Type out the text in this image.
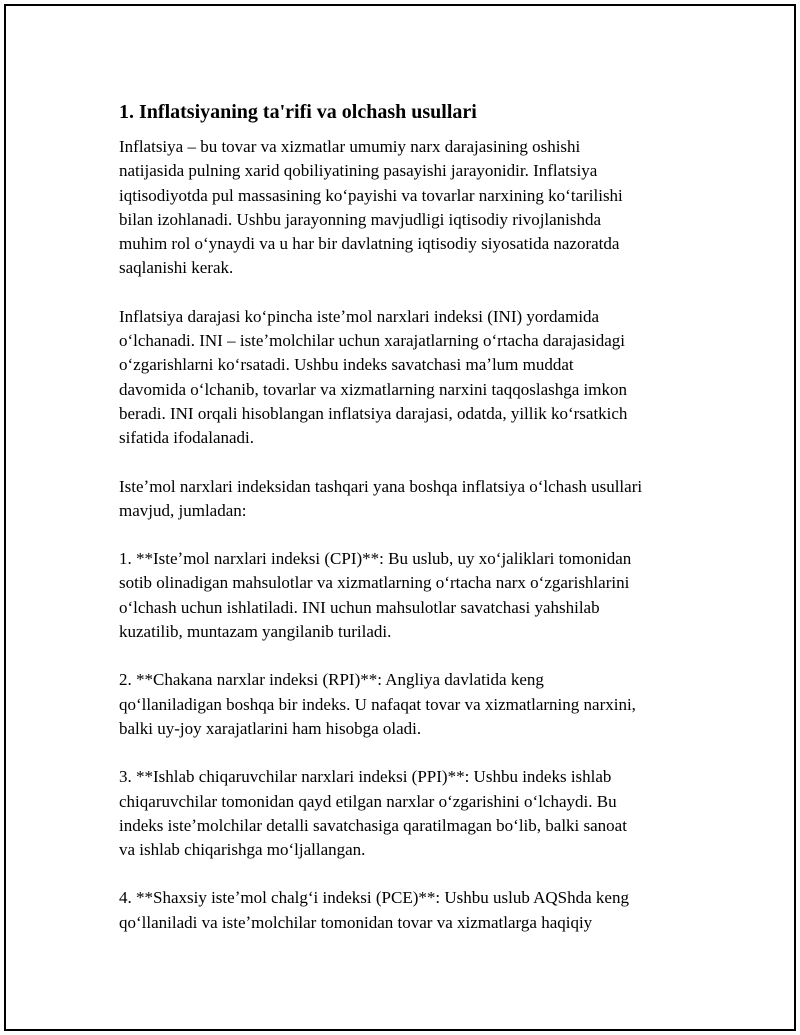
1. Inflatsiyaning ta'rifi va olchash usullari

Inflatsiya – bu tovar va xizmatlar umumiy narx darajasining oshishi
natijasida pulning xarid qobiliyatining pasayishi jarayonidir. Inflatsiya
iqtisodiyotda pul massasining koʻpayishi va tovarlar narxining koʻtarilishi
bilan izohlanadi. Ushbu jarayonning mavjudligi iqtisodiy rivojlanishda
muhim rol oʻynaydi va u har bir davlatning iqtisodiy siyosatida nazoratda
saqlanishi kerak.

Inflatsiya darajasi koʻpincha isteʼmol narxlari indeksi (INI) yordamida
oʻlchanadi. INI – isteʼmolchilar uchun xarajatlarning oʻrtacha darajasidagi
oʻzgarishlarni koʻrsatadi. Ushbu indeks savatchasi maʼlum muddat
davomida oʻlchanib, tovarlar va xizmatlarning narxini taqqoslashga imkon
beradi. INI orqali hisoblangan inflatsiya darajasi, odatda, yillik koʻrsatkich
sifatida ifodalanadi.

Isteʼmol narxlari indeksidan tashqari yana boshqa inflatsiya oʻlchash usullari
mavjud, jumladan:

1. **Isteʼmol narxlari indeksi (CPI)**: Bu uslub, uy xoʻjaliklari tomonidan
sotib olinadigan mahsulotlar va xizmatlarning oʻrtacha narx oʻzgarishlarini
oʻlchash uchun ishlatiladi. INI uchun mahsulotlar savatchasi yahshilab
kuzatilib, muntazam yangilanib turiladi.

2. **Chakana narxlar indeksi (RPI)**: Angliya davlatida keng
qoʻllaniladigan boshqa bir indeks. U nafaqat tovar va xizmatlarning narxini,
balki uy-joy xarajatlarini ham hisobga oladi.

3. **Ishlab chiqaruvchilar narxlari indeksi (PPI)**: Ushbu indeks ishlab
chiqaruvchilar tomonidan qayd etilgan narxlar oʻzgarishini oʻlchaydi. Bu
indeks isteʼmolchilar detalli savatchasiga qaratilmagan boʻlib, balki sanoat
va ishlab chiqarishga moʻljallangan.

4. **Shaxsiy isteʼmol chalgʻi indeksi (PCE)**: Ushbu uslub AQShda keng
qoʻllaniladi va isteʼmolchilar tomonidan tovar va xizmatlarga haqiqiy
